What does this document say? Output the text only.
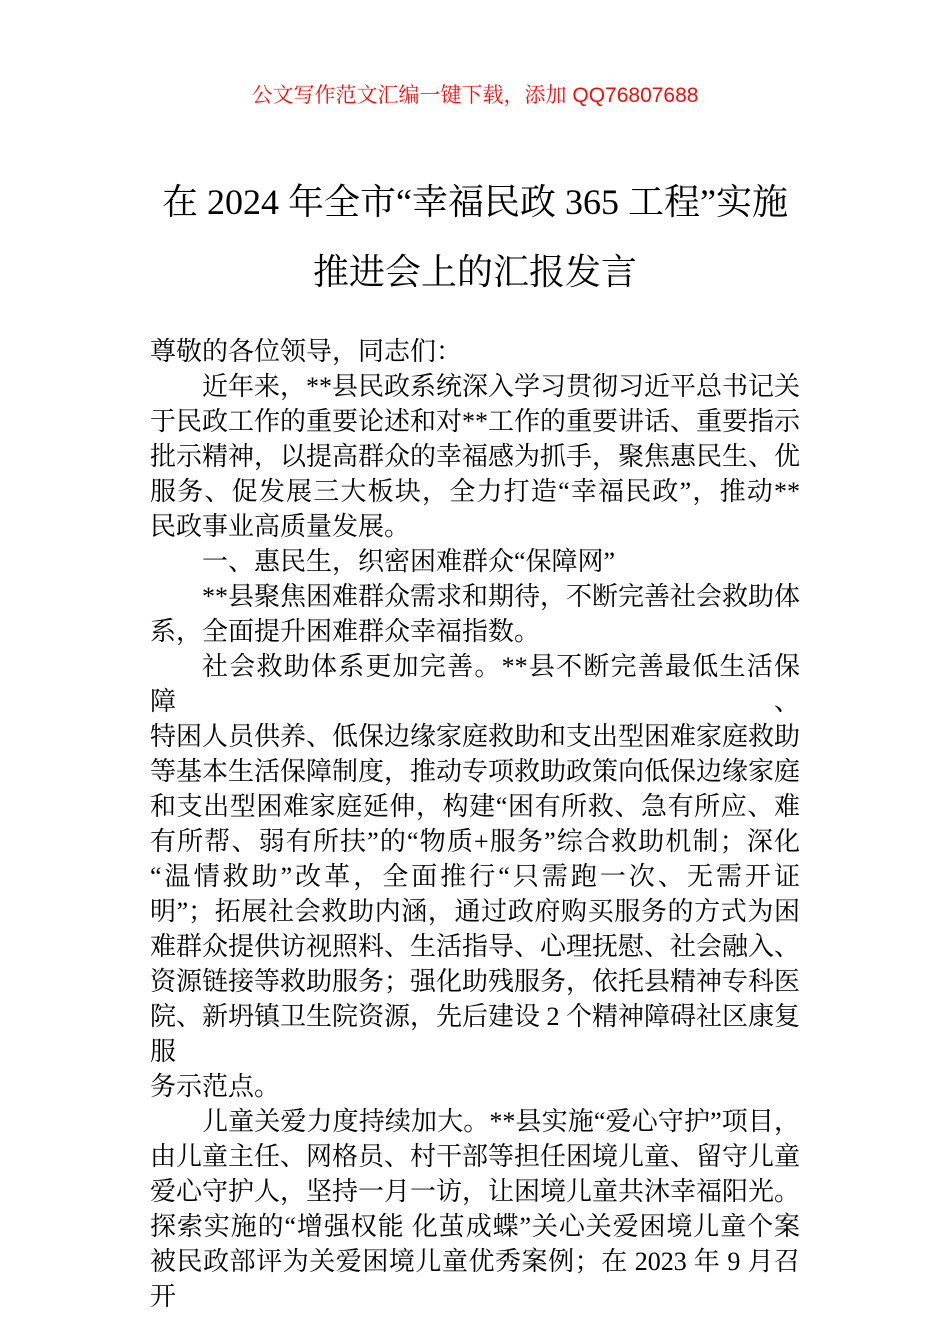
公文写作范文汇编一键下载，添加 QQ76807688
在 2024 年全市“幸福民政 365 工程”实施
推进会上的汇报发言
尊敬的各位领导，同志们：
近年来，**县民政系统深入学习贯彻习近平总书记关
于民政工作的重要论述和对**工作的重要讲话、重要指示
批示精神，以提高群众的幸福感为抓手，聚焦惠民生、优
服务、促发展三大板块，全力打造“幸福民政”，推动**
民政事业高质量发展。
一、惠民生，织密困难群众“保障网”
**县聚焦困难群众需求和期待，不断完善社会救助体
系，全面提升困难群众幸福指数。
社会救助体系更加完善。**县不断完善最低生活保障、
特困人员供养、低保边缘家庭救助和支出型困难家庭救助
等基本生活保障制度，推动专项救助政策向低保边缘家庭
和支出型困难家庭延伸，构建“困有所救、急有所应、难
有所帮、弱有所扶”的“物质+服务”综合救助机制；深化
“温情救助”改革，全面推行“只需跑一次、无需开证
明”；拓展社会救助内涵，通过政府购买服务的方式为困
难群众提供访视照料、生活指导、心理抚慰、社会融入、
资源链接等救助服务；强化助残服务，依托县精神专科医
院、新坍镇卫生院资源，先后建设 2 个精神障碍社区康复服
务示范点。
儿童关爱力度持续加大。**县实施“爱心守护”项目，
由儿童主任、网格员、村干部等担任困境儿童、留守儿童
爱心守护人，坚持一月一访，让困境儿童共沐幸福阳光。
探索实施的“增强权能 化茧成蝶”关心关爱困境儿童个案
被民政部评为关爱困境儿童优秀案例；在 2023 年 9 月召开
